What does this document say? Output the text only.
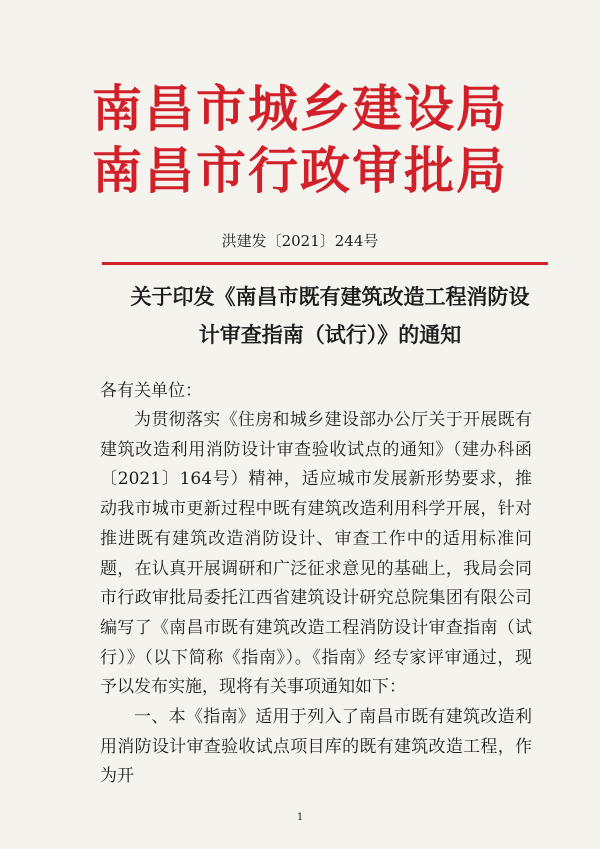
南昌市城乡建设局
南昌市行政审批局
洪建发〔2021〕244号
关于印发《南昌市既有建筑改造工程消防设
计审查指南（试行）》的通知
各有关单位：

为贯彻落实《住房和城乡建设部办公厅关于开展既有建筑改造利用消防设计审查验收试点的通知》（建办科函〔2021〕164号）精神，适应城市发展新形势要求，推动我市城市更新过程中既有建筑改造利用科学开展，针对推进既有建筑改造消防设计、审查工作中的适用标准问题，在认真开展调研和广泛征求意见的基础上，我局会同市行政审批局委托江西省建筑设计研究总院集团有限公司编写了《南昌市既有建筑改造工程消防设计审查指南（试行）》（以下简称《指南》）。《指南》经专家评审通过，现予以发布实施，现将有关事项通知如下：

一、本《指南》适用于列入了南昌市既有建筑改造利用消防设计审查验收试点项目库的既有建筑改造工程，作为开

1
